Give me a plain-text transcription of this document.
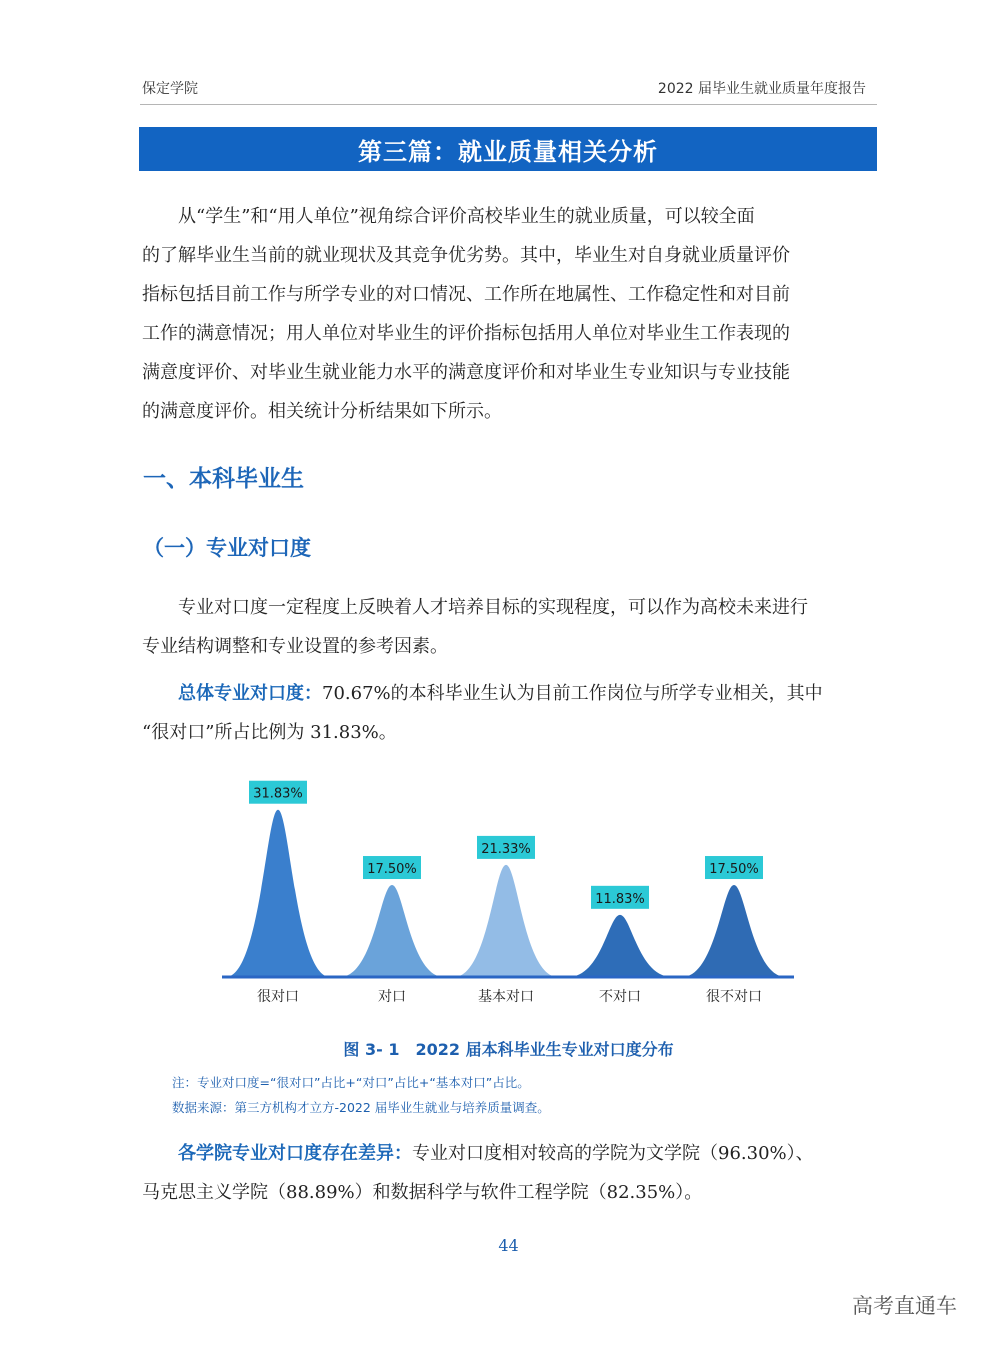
保定学院	2022 届毕业生就业质量年度报告
第三篇：就业质量相关分析
从“学生”和“用人单位”视角综合评价高校毕业生的就业质量，可以较全面
的了解毕业生当前的就业现状及其竞争优劣势。其中，毕业生对自身就业质量评价
指标包括目前工作与所学专业的对口情况、工作所在地属性、工作稳定性和对目前
工作的满意情况；用人单位对毕业生的评价指标包括用人单位对毕业生工作表现的
满意度评价、对毕业生就业能力水平的满意度评价和对毕业生专业知识与专业技能
的满意度评价。相关统计分析结果如下所示。
一、本科毕业生
（一）专业对口度
专业对口度一定程度上反映着人才培养目标的实现程度，可以作为高校未来进行
专业结构调整和专业设置的参考因素。
总体专业对口度：70.67%的本科毕业生认为目前工作岗位与所学专业相关，其中
“很对口”所占比例为 31.83%。
31.83%
很对口
17.50%
对口
21.33%
基本对口
11.83%
不对口
17.50%
很不对口
图 3- 1　2022 届本科毕业生专业对口度分布
注：专业对口度=“很对口”占比+“对口”占比+“基本对口”占比。
数据来源：第三方机构才立方-2022 届毕业生就业与培养质量调查。
各学院专业对口度存在差异：专业对口度相对较高的学院为文学院（96.30%）、
马克思主义学院（88.89%）和数据科学与软件工程学院（82.35%）。
44
高考直通车
